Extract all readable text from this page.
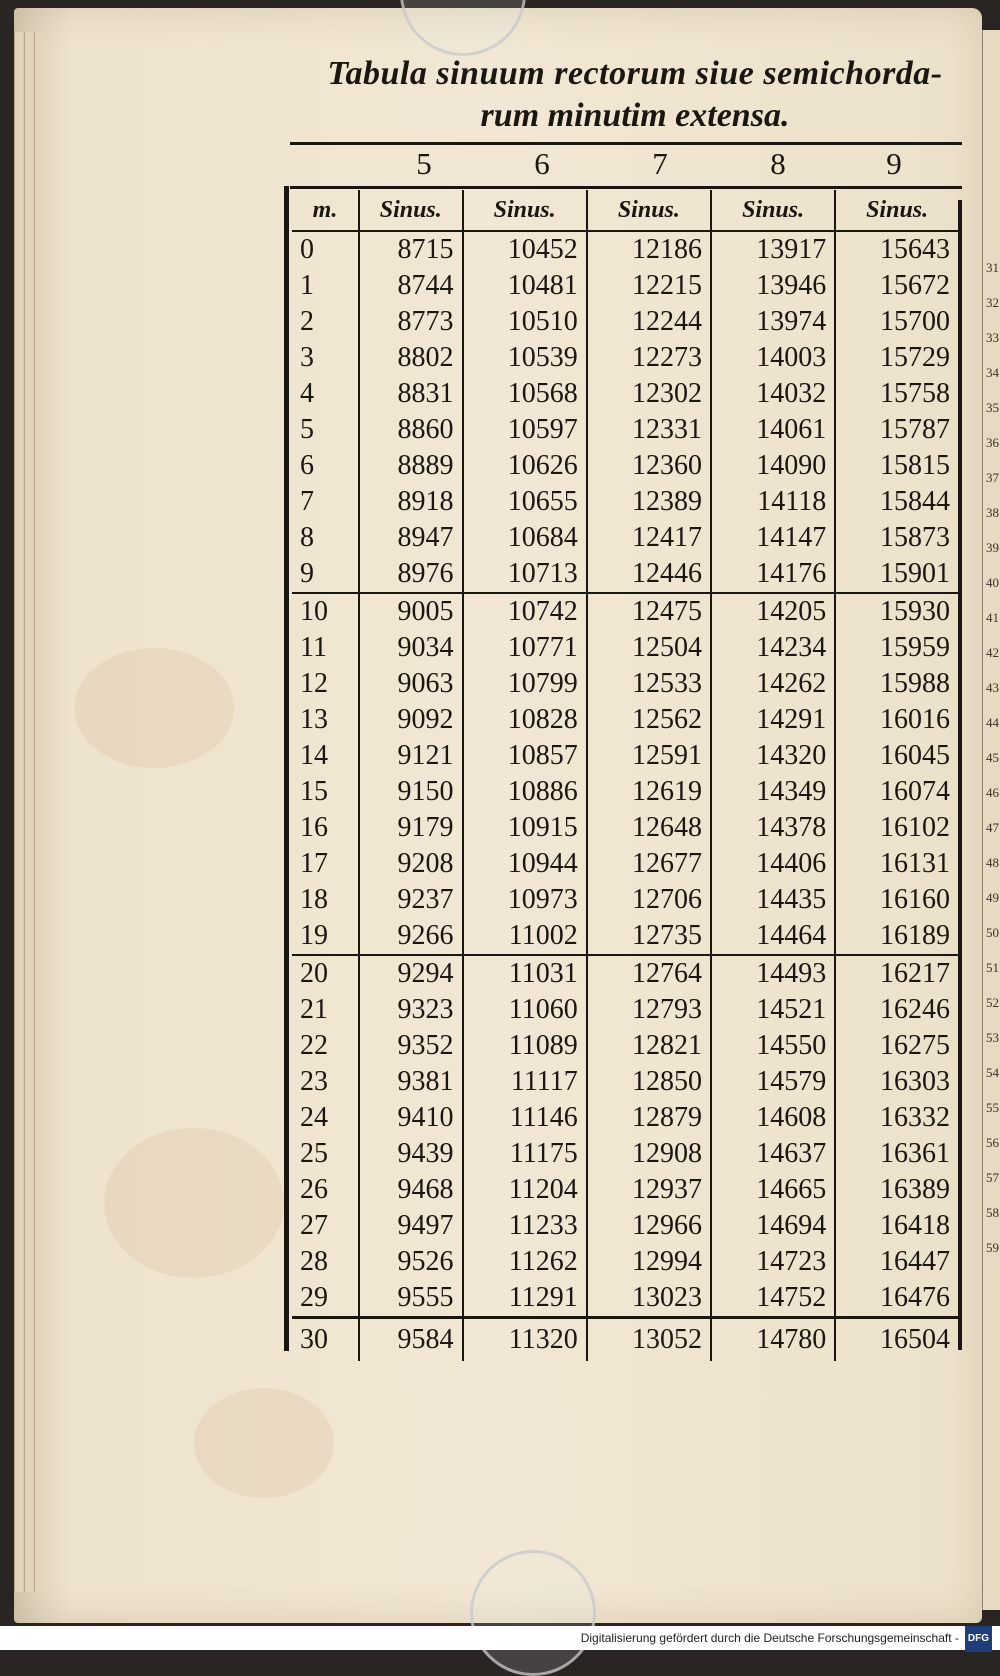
31
32
33
34
35
36
37
38
39
40
41
42
43
44
45
46
47
48
49
50
51
52
53
54
55
56
57
58
59
Tabula sinuum rectorum siue semichorda-
rum minutim extensa.
5	6	7	8	9
m.	Sinus.	Sinus.	Sinus.	Sinus.	Sinus.
0	8715	10452	12186	13917	15643
1	8744	10481	12215	13946	15672
2	8773	10510	12244	13974	15700
3	8802	10539	12273	14003	15729
4	8831	10568	12302	14032	15758
5	8860	10597	12331	14061	15787
6	8889	10626	12360	14090	15815
7	8918	10655	12389	14118	15844
8	8947	10684	12417	14147	15873
9	8976	10713	12446	14176	15901
10	9005	10742	12475	14205	15930
11	9034	10771	12504	14234	15959
12	9063	10799	12533	14262	15988
13	9092	10828	12562	14291	16016
14	9121	10857	12591	14320	16045
15	9150	10886	12619	14349	16074
16	9179	10915	12648	14378	16102
17	9208	10944	12677	14406	16131
18	9237	10973	12706	14435	16160
19	9266	11002	12735	14464	16189
20	9294	11031	12764	14493	16217
21	9323	11060	12793	14521	16246
22	9352	11089	12821	14550	16275
23	9381	11117	12850	14579	16303
24	9410	11146	12879	14608	16332
25	9439	11175	12908	14637	16361
26	9468	11204	12937	14665	16389
27	9497	11233	12966	14694	16418
28	9526	11262	12994	14723	16447
29	9555	11291	13023	14752	16476
30	9584	11320	13052	14780	16504
Digitalisierung gefördert durch die Deutsche Forschungsgemeinschaft - DFG
